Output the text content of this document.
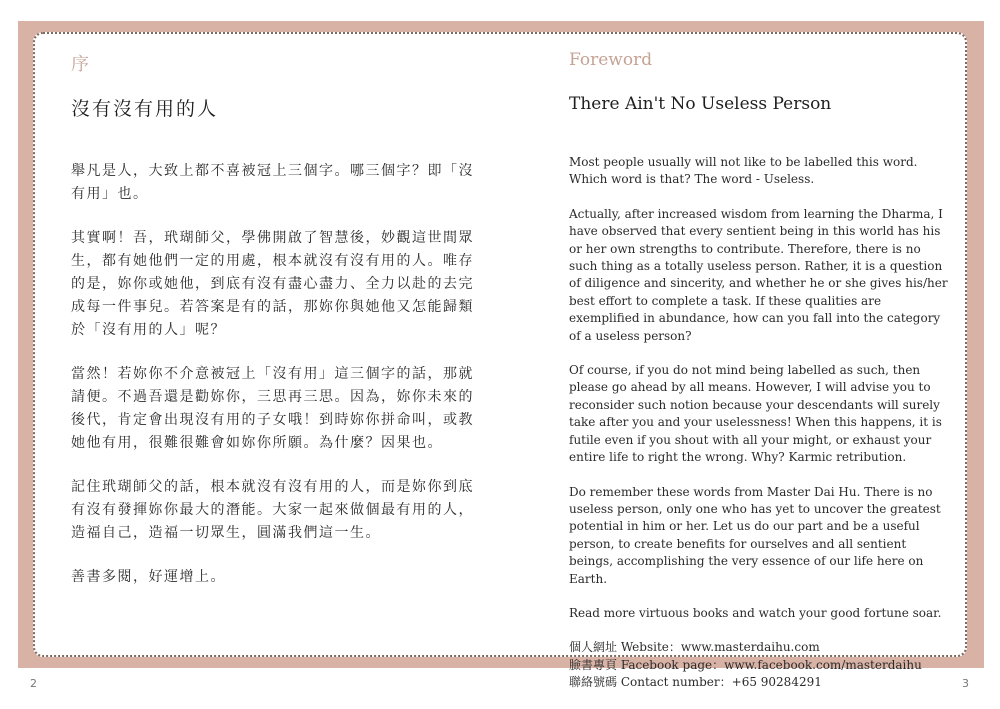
序
沒有沒有用的人

舉凡是人，大致上都不喜被冠上三個字。哪三個字？即「沒有用」也。

其實啊！吾，玳瑚師父，學佛開啟了智慧後，妙觀這世間眾生，都有她他們一定的用處，根本就沒有沒有用的人。唯存的是，妳你或她他，到底有沒有盡心盡力、全力以赴的去完成每一件事兒。若答案是有的話，那妳你與她他又怎能歸類於「沒有用的人」呢？

當然！若妳你不介意被冠上「沒有用」這三個字的話，那就請便。不過吾還是勸妳你，三思再三思。因為，妳你未來的後代，肯定會出現沒有用的子女哦！到時妳你拼命叫，或教她他有用，很難很難會如妳你所願。為什麼？因果也。

記住玳瑚師父的話，根本就沒有沒有用的人，而是妳你到底有沒有發揮妳你最大的潛能。大家一起來做個最有用的人，造福自己，造福一切眾生，圓滿我們這一生。

善書多閱，好運增上。

Foreword
There Ain't No Useless Person

Most people usually will not like to be labelled this word. Which word is that? The word - Useless.

Actually, after increased wisdom from learning the Dharma, I have observed that every sentient being in this world has his or her own strengths to contribute. Therefore, there is no such thing as a totally useless person. Rather, it is a question of diligence and sincerity, and whether he or she gives his/her best effort to complete a task. If these qualities are exemplified in abundance, how can you fall into the category of a useless person?

Of course, if you do not mind being labelled as such, then please go ahead by all means. However, I will advise you to reconsider such notion because your descendants will surely take after you and your uselessness! When this happens, it is futile even if you shout with all your might, or exhaust your entire life to right the wrong. Why? Karmic retribution.

Do remember these words from Master Dai Hu. There is no useless person, only one who has yet to uncover the greatest potential in him or her. Let us do our part and be a useful person, to create benefits for ourselves and all sentient beings, accomplishing the very essence of our life here on Earth.

Read more virtuous books and watch your good fortune soar.

個人網址 Website：www.masterdaihu.com

臉書專頁 Facebook page：www.facebook.com/masterdaihu

聯絡號碼 Contact number：+65 90284291

2	3
